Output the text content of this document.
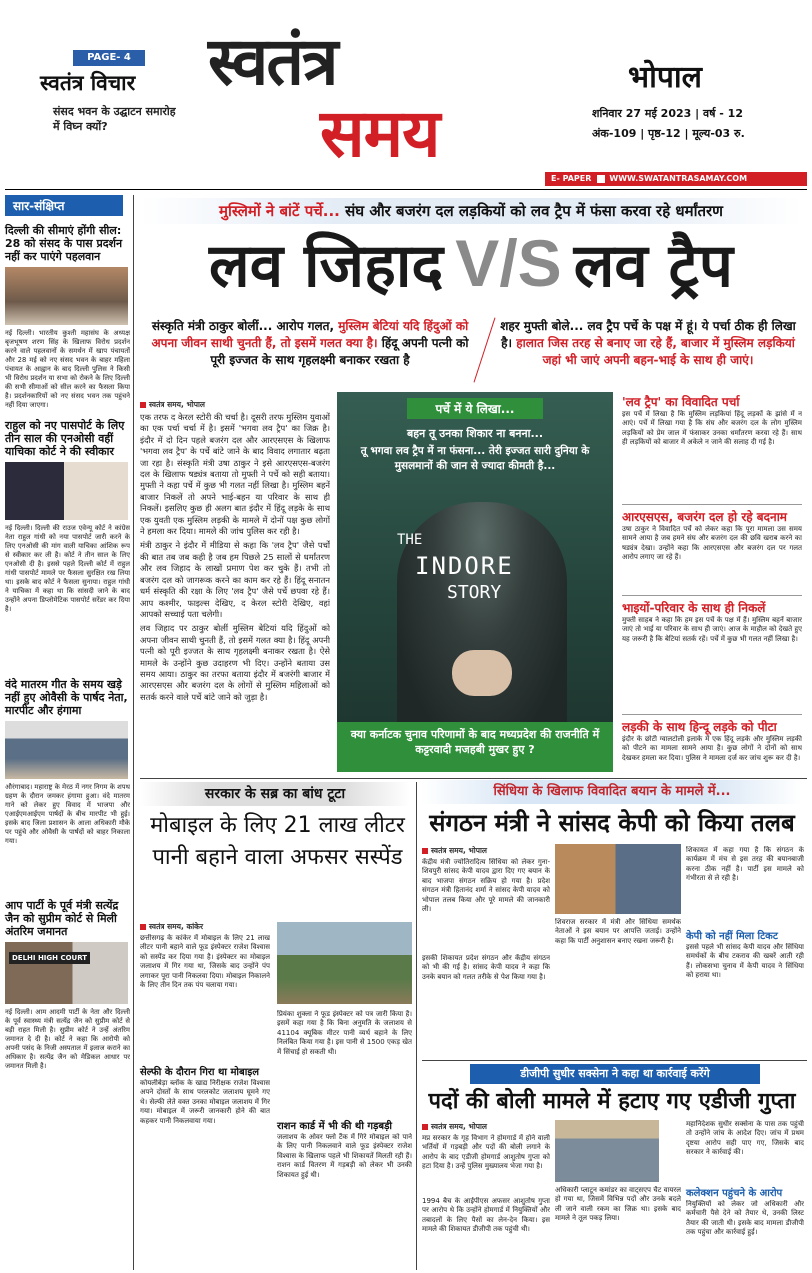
PAGE- 4
स्वतंत्र विचार
संसद भवन के उद्घाटन समारोह में विघ्न क्यों?
स्वतंत्र
समय
भोपाल
शनिवार 27 मई 2023 | वर्ष - 12
अंक-109 | पृष्ठ-12 | मूल्य-03 रु.
E- PAPER	WWW.SWATANTRASAMAY.COM
सार-संक्षिप्त
दिल्ली की सीमाएं होंगी सील: 28 को संसद के पास प्रदर्शन नहीं कर पाएंगे पहलवान
नई दिल्ली। भारतीय कुश्ती महासंघ के अध्यक्ष बृजभूषण शरण सिंह के खिलाफ विरोध प्रदर्शन करने वाले पहलवानों के समर्थन में खाप पंचायतों और 28 मई को नए संसद भवन के बाहर महिला पंचायत के आह्वान के बाद दिल्ली पुलिस ने किसी भी विरोध प्रदर्शन या सभा को रोकने के लिए दिल्ली की सभी सीमाओं को सील करने का फैसला किया है। प्रदर्शनकारियों को नए संसद भवन तक पहुंचने नहीं दिया जाएगा।
राहुल को नए पासपोर्ट के लिए तीन साल की एनओसी वहीं याचिका कोर्ट ने की स्वीकार
नई दिल्ली। दिल्ली की राउज एवेन्यू कोर्ट ने कांग्रेस नेता राहुल गांधी को नया पासपोर्ट जारी करने के लिए एनओसी की मांग वाली याचिका आंशिक रूप से स्वीकार कर ली है। कोर्ट ने तीन साल के लिए एनओसी दी है। इससे पहले दिल्ली कोर्ट में राहुल गांधी पासपोर्ट मामले पर फैसला सुरक्षित रख लिया था। इसके बाद कोर्ट ने फैसला सुनाया। राहुल गांधी ने याचिका में कहा था कि सांसदी जाने के बाद उन्होंने अपना डिप्लोमेटिक पासपोर्ट सरेंडर कर दिया है।
वंदे मातरम गीत के समय खड़े नहीं हुए ओवैसी के पार्षद नेता, मारपीट और हंगामा
औरंगाबाद। महाराष्ट्र के मेरठ में नगर निगम के शपथ ग्रहण के दौरान जमकर हंगामा हुआ। वंदे मातरम गाने को लेकर हुए विवाद में भाजपा और एआईएमआईएम पार्षदों के बीच मारपीट भी हुई। इसके बाद जिला प्रशासन के आला अधिकारी मौके पर पहुंचे और ओवैसी के पार्षदों को बाहर निकाला गया।
आप पार्टी के पूर्व मंत्री सत्येंद्र जैन को सुप्रीम कोर्ट से मिली अंतरिम जमानत
DELHI HIGH COURT
नई दिल्ली। आम आदमी पार्टी के नेता और दिल्ली के पूर्व स्वास्थ्य मंत्री सत्येंद्र जैन को सुप्रीम कोर्ट से बड़ी राहत मिली है। सुप्रीम कोर्ट ने उन्हें अंतरिम जमानत दे दी है। कोर्ट ने कहा कि आरोपी को अपनी पसंद के निजी अस्पताल में इलाज कराने का अधिकार है। सत्येंद्र जैन को मेडिकल आधार पर जमानत मिली है।
मुस्लिमों ने बांटें पर्चे... संघ और बजरंग दल लड़कियों को लव ट्रैप में फंसा करवा रहे धर्मांतरण
लव जिहाद V/S लव ट्रैप
संस्कृति मंत्री ठाकुर बोलीं... आरोप गलत, मुस्लिम बेटियां यदि हिंदुओं को अपना जीवन साथी चुनती हैं, तो इसमें गलत क्या है। हिंदू अपनी पत्नी को पूरी इज्जत के साथ गृहलक्ष्मी बनाकर रखता है
शहर मुफ्ती बोले... लव ट्रैप पर्चे के पक्ष में हूं। ये पर्चा ठीक ही लिखा है। हालात जिस तरह से बनाए जा रहे हैं, बाजार में मुस्लिम लड़कियां जहां भी जाएं अपनी बहन-भाई के साथ ही जाएं।
स्वतंत्र समय, भोपाल

एक तरफ द केरल स्टोरी की चर्चा है। दूसरी तरफ मुस्लिम युवाओं का एक पर्चा चर्चा में है। इसमें 'भगवा लव ट्रैप' का जिक्र है। इंदौर में दो दिन पहले बजरंग दल और आरएसएस के खिलाफ 'भगवा लव ट्रैप' के पर्चे बांटे जाने के बाद विवाद लगातार बढ़ता जा रहा है। संस्कृति मंत्री उषा ठाकुर ने इसे आरएसएस-बजरंग दल के खिलाफ षड्यंत्र बताया तो मुफ्ती ने पर्चे को सही बताया। मुफ्ती ने कहा पर्चे में कुछ भी गलत नहीं लिखा है। मुस्लिम बहनें बाजार निकलें तो अपने भाई-बहन या परिवार के साथ ही निकलें। इसलिए कुछ ही अलग बात इंदौर में हिंदू लड़के के साथ एक युवती एक मुस्लिम लड़की के मामले में दोनों पक्ष कुछ लोगों ने हमला कर दिया। मामले की जांच पुलिस कर रही है।

मंत्री ठाकुर ने इंदौर में मीडिया से कहा कि 'लव ट्रैप' जैसे पर्चों की बात तब जब कही है जब हम पिछले 25 सालों से धर्मांतरण और लव जिहाद के लाखों प्रमाण पेश कर चुके हैं। तभी तो बजरंग दल को जागरूक करने का काम कर रहे हैं। हिंदू सनातन धर्म संस्कृति की रक्षा के लिए 'लव ट्रैप' जैसे पर्चे छपवा रहे हैं। आप कश्मीर, फाइल्स देखिए, द केरल स्टोरी देखिए, वहां आपको सच्चाई पता चलेगी।

लव जिहाद पर ठाकुर बोलीं मुस्लिम बेटियां यदि हिंदुओं को अपना जीवन साथी चुनती हैं, तो इसमें गलत क्या है। हिंदू अपनी पत्नी को पूरी इज्जत के साथ गृहलक्ष्मी बनाकर रखता है। ऐसे मामले के उन्होंने कुछ उदाहरण भी दिए। उन्होंने बताया उस समय आया। ठाकुर का तरफा बताया इंदौर में बजरंगी बाजार में आरएसएस और बजरंग दल के लोगों से मुस्लिम महिलाओं को सतर्क करने वाले पर्चे बांटे जाने को जुड़ा है।

पर्चे में ये लिखा...
बहन तू उनका शिकार ना बनना...
तू भगवा लव ट्रैप में ना फंसना... तेरी इज्जत सारी दुनिया के मुसलमानों की जान से ज्यादा कीमती है...
THE
INDORE
STORY
क्या कर्नाटक चुनाव परिणामों के बाद मध्यप्रदेश की राजनीति में कट्टरवादी मजहबी मुखर हुए ?
'लव ट्रैप' का विवादित पर्चा
इस पर्चे में लिखा है कि मुस्लिम लड़कियां हिंदू लड़कों के झांसे में न आएं। पर्चे में लिखा गया है कि संघ और बजरंग दल के लोग मुस्लिम लड़कियों को प्रेम जाल में फंसाकर उनका धर्मांतरण करवा रहे हैं। साथ ही लड़कियों को बाजार में अकेले न जाने की सलाह दी गई है।
आरएसएस, बजरंग दल हो रहे बदनाम
उषा ठाकुर ने विवादित पर्चे को लेकर कहा कि पूरा मामला उस समय सामने आया है जब हमने संघ और बजरंग दल की छवि खराब करने का षड्यंत्र देखा। उन्होंने कहा कि आरएसएस और बजरंग दल पर गलत आरोप लगाए जा रहे हैं।
भाइयों-परिवार के साथ ही निकलें
मुफ्ती साहब ने कहा कि हम इस पर्चे के पक्ष में हैं। मुस्लिम बहनें बाजार जाएं तो भाई या परिवार के साथ ही जाएं। आज के माहौल को देखते हुए यह जरूरी है कि बेटियां सतर्क रहें। पर्चे में कुछ भी गलत नहीं लिखा है।
लड़की के साथ हिन्दू लड़के को पीटा
इंदौर के छोटी ग्वालटोली इलाके में एक हिंदू लड़के और मुस्लिम लड़की को पीटने का मामला सामने आया है। कुछ लोगों ने दोनों को साथ देखकर हमला कर दिया। पुलिस ने मामला दर्ज कर जांच शुरू कर दी है।
सरकार के सब्र का बांध टूटा
मोबाइल के लिए 21 लाख लीटर पानी बहाने वाला अफसर सस्पेंड
स्वतंत्र समय, कांकेर
छत्तीसगढ़ के कांकेर में मोबाइल के लिए 21 लाख लीटर पानी बहाने वाले फूड इंस्पेक्टर राजेश विश्वास को सस्पेंड कर दिया गया है। इंस्पेक्टर का मोबाइल जलाशय में गिर गया था, जिसके बाद उन्होंने पंप लगाकर पूरा पानी निकलवा दिया। मोबाइल निकालने के लिए तीन दिन तक पंप चलाया गया।
सेल्फी के दौरान गिरा था मोबाइल
कोयलीबेड़ा ब्लॉक के खाद्य निरीक्षक राजेश विश्वास अपने दोस्तों के साथ परलकोट जलाशय घूमने गए थे। सेल्फी लेते वक्त उनका मोबाइल जलाशय में गिर गया। मोबाइल में जरूरी जानकारी होने की बात कहकर पानी निकलवाया गया।
प्रियंका शुक्ला ने फूड इंस्पेक्टर को पत्र जारी किया है। इसमें कहा गया है कि बिना अनुमति के जलाशय से 41104 क्यूबिक मीटर पानी व्यर्थ बहाने के लिए निलंबित किया गया है। इस पानी से 1500 एकड़ खेत में सिंचाई हो सकती थी।
राशन कार्ड में भी की थी गड़बड़ी
जलाशय के ओवर फ्लो टैंक में गिरे मोबाइल को पाने के लिए पानी निकलवाने वाले फूड इंस्पेक्टर राजेश विश्वास के खिलाफ पहले भी शिकायतें मिलती रही हैं। राशन कार्ड वितरण में गड़बड़ी को लेकर भी उनकी शिकायत हुई थी।
सिंधिया के खिलाफ विवादित बयान के मामले में...
संगठन मंत्री ने सांसद केपी को किया तलब
स्वतंत्र समय, भोपाल
केंद्रीय मंत्री ज्योतिरादित्य सिंधिया को लेकर गुना-शिवपुरी सांसद केपी यादव द्वारा दिए गए बयान के बाद भाजपा संगठन सक्रिय हो गया है। प्रदेश संगठन मंत्री हितानंद शर्मा ने सांसद केपी यादव को भोपाल तलब किया और पूरे मामले की जानकारी ली।
इसकी शिकायत प्रदेश संगठन और केंद्रीय संगठन को भी की गई है। सांसद केपी यादव ने कहा कि उनके बयान को गलत तरीके से पेश किया गया है।
शिवराज सरकार में मंत्री और सिंधिया समर्थक नेताओं ने इस बयान पर आपत्ति जताई। उन्होंने कहा कि पार्टी अनुशासन बनाए रखना जरूरी है।
शिकायत में कहा गया है कि संगठन के कार्यक्रम में मंच से इस तरह की बयानबाजी करना ठीक नहीं है। पार्टी इस मामले को गंभीरता से ले रही है।
केपी को नहीं मिला टिकट
इससे पहले भी सांसद केपी यादव और सिंधिया समर्थकों के बीच टकराव की खबरें आती रही हैं। लोकसभा चुनाव में केपी यादव ने सिंधिया को हराया था।
डीजीपी सुधीर सक्सेना ने कहा था कार्रवाई करेंगे
पदों की बोली मामले में हटाए गए एडीजी गुप्ता
स्वतंत्र समय, भोपाल
मप्र सरकार के गृह विभाग ने होमगार्ड में होने वाली भर्तियों में गड़बड़ी और पदों की बोली लगाने के आरोप के बाद एडीजी होमगार्ड आशुतोष गुप्ता को हटा दिया है। उन्हें पुलिस मुख्यालय भेजा गया है।
1994 बैच के आईपीएस अफसर आशुतोष गुप्ता पर आरोप थे कि उन्होंने होमगार्ड में नियुक्तियों और तबादलों के लिए पैसों का लेन-देन किया। इस मामले की शिकायत डीजीपी तक पहुंची थी।
अधिकारी प्लाटून कमांडर का वाट्सएप चैट वायरल हो गया था, जिसमें विभिन्न पदों और उनके बदले ली जाने वाली रकम का जिक्र था। इसके बाद मामले ने तूल पकड़ लिया।
महानिदेशक सुधीर सक्सेना के पास तक पहुंची तो उन्होंने जांच के आदेश दिए। जांच में प्रथम दृष्टया आरोप सही पाए गए, जिसके बाद सरकार ने कार्रवाई की।
कलेक्शन पहुंचने के आरोप
नियुक्तियों को लेकर जो अधिकारी और कर्मचारी पैसे देने को तैयार थे, उनकी लिस्ट तैयार की जाती थी। इसके बाद मामला डीजीपी तक पहुंचा और कार्रवाई हुई।
